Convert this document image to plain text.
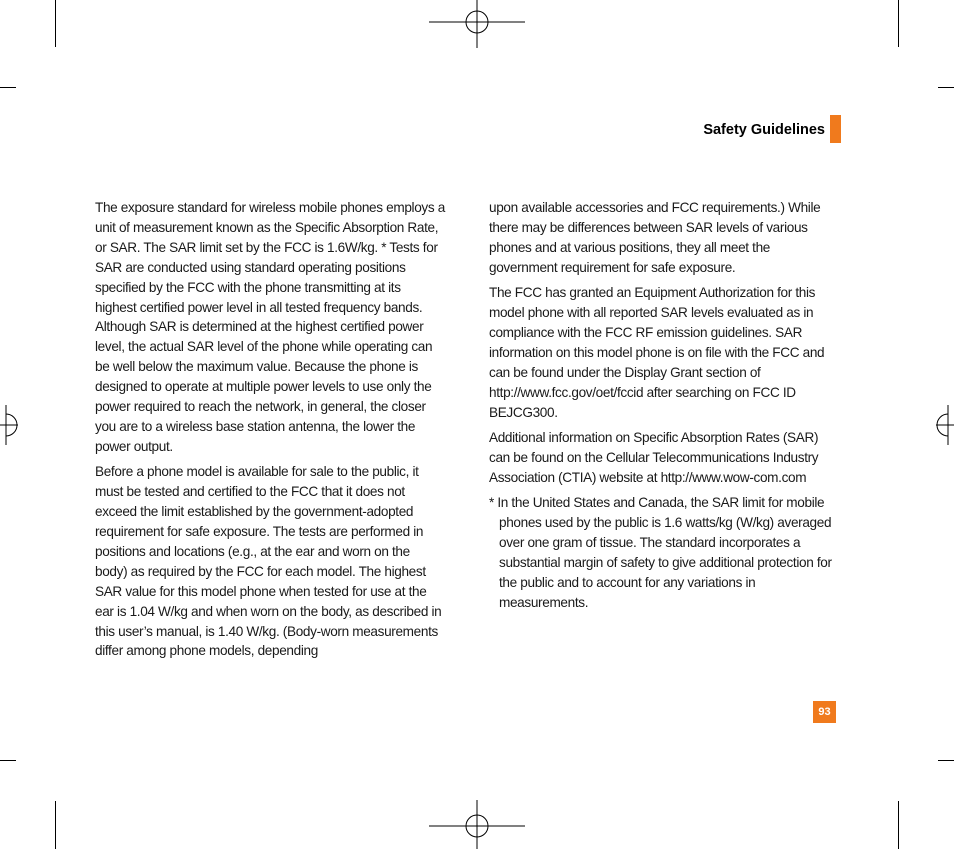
Safety Guidelines

The exposure standard for wireless mobile phones employs a unit of measurement known as the Specific Absorption Rate, or SAR. The SAR limit set by the FCC is 1.6W/kg. * Tests for SAR are conducted using standard operating positions specified by the FCC with the phone transmitting at its highest certified power level in all tested frequency bands. Although SAR is determined at the highest certified power level, the actual SAR level of the phone while operating can be well below the maximum value. Because the phone is designed to operate at multiple power levels to use only the power required to reach the network, in general, the closer you are to a wireless base station antenna, the lower the power output.

Before a phone model is available for sale to the public, it must be tested and certified to the FCC that it does not exceed the limit established by the government-adopted requirement for safe exposure. The tests are performed in positions and locations (e.g., at the ear and worn on the body) as required by the FCC for each model. The highest SAR value for this model phone when tested for use at the ear is 1.04 W/kg and when worn on the body, as described in this user’s manual, is 1.40 W/kg. (Body-worn measurements differ among phone models, depending

upon available accessories and FCC requirements.) While there may be differences between SAR levels of various phones and at various positions, they all meet the government requirement for safe exposure.

The FCC has granted an Equipment Authorization for this model phone with all reported SAR levels evaluated as in compliance with the FCC RF emission guidelines. SAR information on this model phone is on file with the FCC and can be found under the Display Grant section of http://www.fcc.gov/oet/fccid after searching on FCC ID BEJCG300.

Additional information on Specific Absorption Rates (SAR) can be found on the Cellular Telecommunications Industry Association (CTIA) website at http://www.wow-com.com

* In the United States and Canada, the SAR limit for mobile phones used by the public is 1.6 watts/kg (W/kg) averaged over one gram of tissue. The standard incorporates a substantial margin of safety to give additional protection for the public and to account for any variations in measurements.

93
